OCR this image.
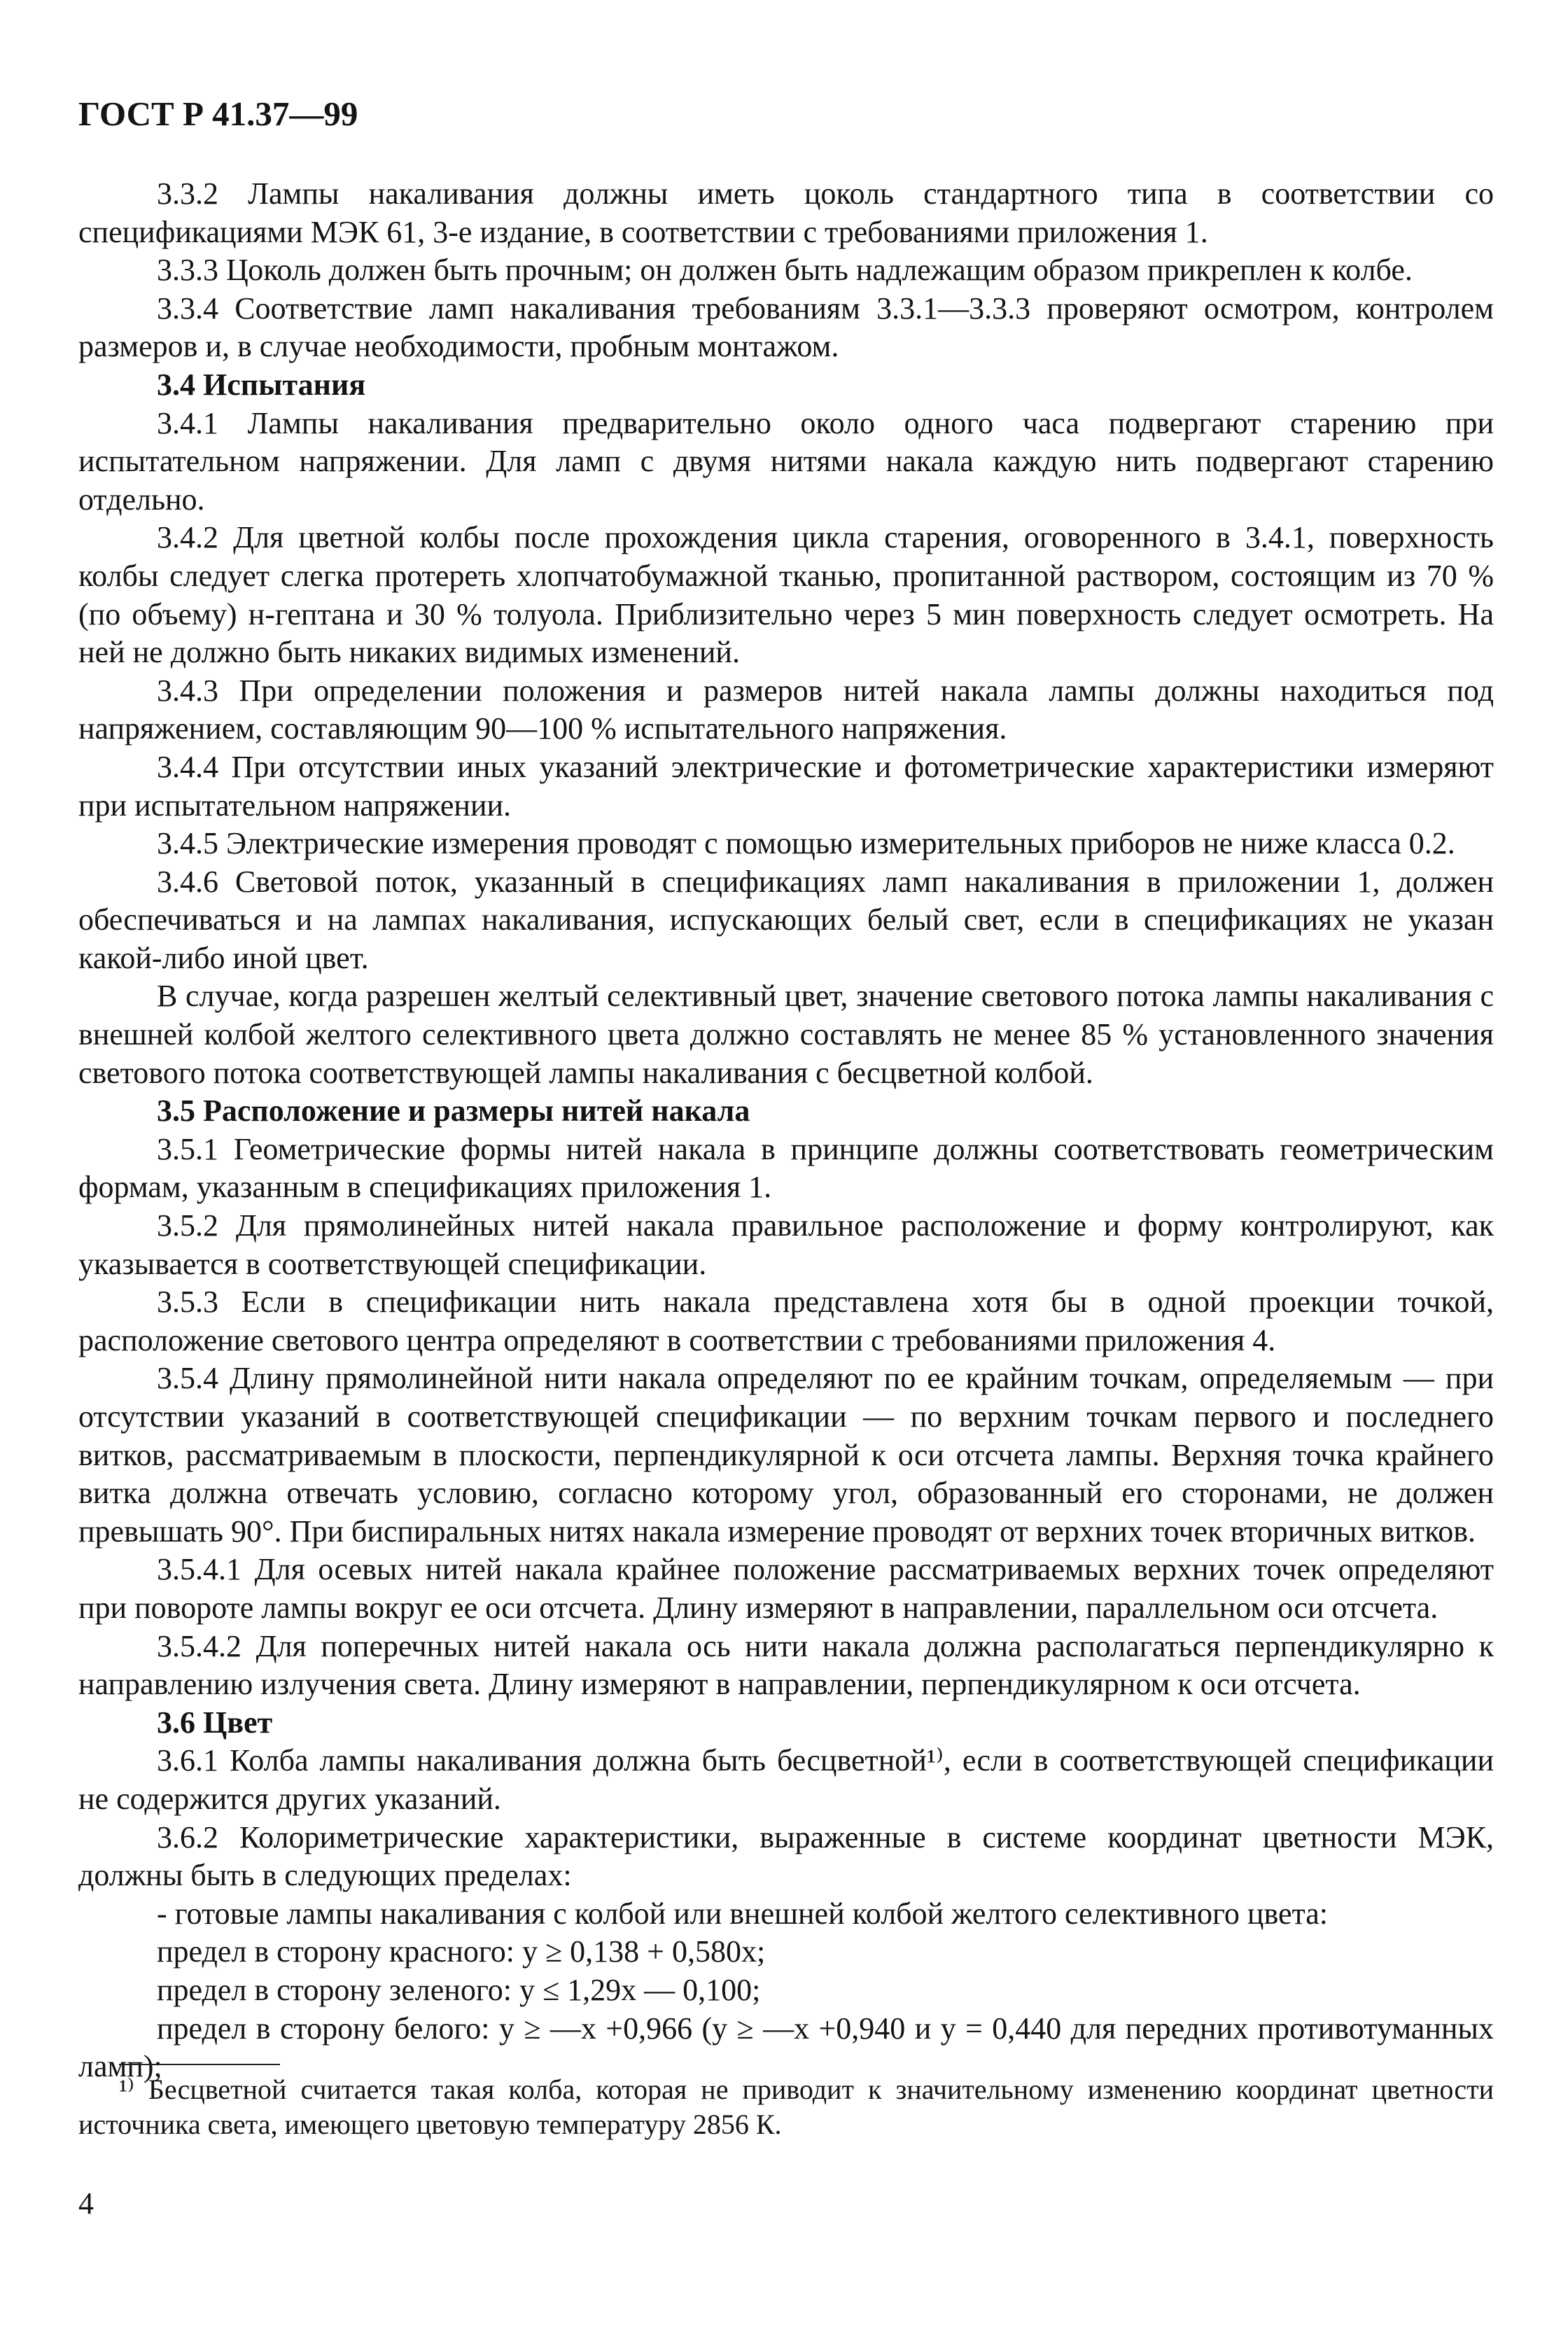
ГОСТ Р 41.37—99

3.3.2 Лампы накаливания должны иметь цоколь стандартного типа в соответствии со спецификациями МЭК 61, 3-е издание, в соответствии с требованиями приложения 1.

3.3.3 Цоколь должен быть прочным; он должен быть надлежащим образом прикреплен к колбе.

3.3.4 Соответствие ламп накаливания требованиям 3.3.1—3.3.3 проверяют осмотром, контролем размеров и, в случае необходимости, пробным монтажом.

3.4 Испытания

3.4.1 Лампы накаливания предварительно около одного часа подвергают старению при испытательном напряжении. Для ламп с двумя нитями накала каждую нить подвергают старению отдельно.

3.4.2 Для цветной колбы после прохождения цикла старения, оговоренного в 3.4.1, поверхность колбы следует слегка протереть хлопчатобумажной тканью, пропитанной раствором, состоящим из 70 % (по объему) н-гептана и 30 % толуола. Приблизительно через 5 мин поверхность следует осмотреть. На ней не должно быть никаких видимых изменений.

3.4.3 При определении положения и размеров нитей накала лампы должны находиться под напряжением, составляющим 90—100 % испытательного напряжения.

3.4.4 При отсутствии иных указаний электрические и фотометрические характеристики измеряют при испытательном напряжении.

3.4.5 Электрические измерения проводят с помощью измерительных приборов не ниже класса 0.2.

3.4.6 Световой поток, указанный в спецификациях ламп накаливания в приложении 1, должен обеспечиваться и на лампах накаливания, испускающих белый свет, если в спецификациях не указан какой-либо иной цвет.

В случае, когда разрешен желтый селективный цвет, значение светового потока лампы накаливания с внешней колбой желтого селективного цвета должно составлять не менее 85 % установленного значения светового потока соответствующей лампы накаливания с бесцветной колбой.

3.5 Расположение и размеры нитей накала

3.5.1 Геометрические формы нитей накала в принципе должны соответствовать геометрическим формам, указанным в спецификациях приложения 1.

3.5.2 Для прямолинейных нитей накала правильное расположение и форму контролируют, как указывается в соответствующей спецификации.

3.5.3 Если в спецификации нить накала представлена хотя бы в одной проекции точкой, расположение светового центра определяют в соответствии с требованиями приложения 4.

3.5.4 Длину прямолинейной нити накала определяют по ее крайним точкам, определяемым — при отсутствии указаний в соответствующей спецификации — по верхним точкам первого и последнего витков, рассматриваемым в плоскости, перпендикулярной к оси отсчета лампы. Верхняя точка крайнего витка должна отвечать условию, согласно которому угол, образованный его сторонами, не должен превышать 90°. При биспиральных нитях накала измерение проводят от верхних точек вторичных витков.

3.5.4.1 Для осевых нитей накала крайнее положение рассматриваемых верхних точек определяют при повороте лампы вокруг ее оси отсчета. Длину измеряют в направлении, параллельном оси отсчета.

3.5.4.2 Для поперечных нитей накала ось нити накала должна располагаться перпендикулярно к направлению излучения света. Длину измеряют в направлении, перпендикулярном к оси отсчета.

3.6 Цвет

3.6.1 Колба лампы накаливания должна быть бесцветной¹⁾, если в соответствующей спецификации не содержится других указаний.

3.6.2 Колориметрические характеристики, выраженные в системе координат цветности МЭК, должны быть в следующих пределах:

- готовые лампы накаливания с колбой или внешней колбой желтого селективного цвета:

предел в сторону красного: y ≥ 0,138 + 0,580x;

предел в сторону зеленого: y ≤ 1,29x — 0,100;

предел в сторону белого: y ≥ —x +0,966 (y ≥ —x +0,940 и y = 0,440 для передних противотуманных ламп);

¹⁾ Бесцветной считается такая колба, которая не приводит к значительному изменению координат цветности источника света, имеющего цветовую температуру 2856 К.
4
